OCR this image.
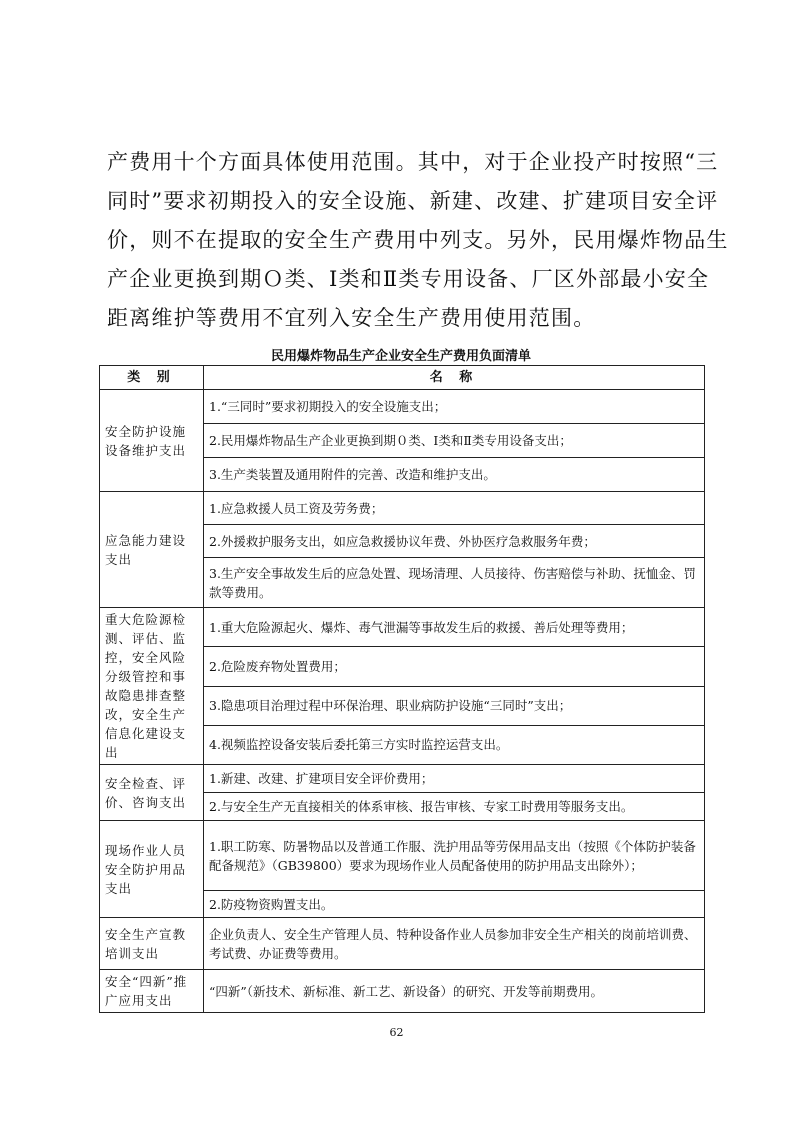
产费用十个方面具体使用范围。其中，对于企业投产时按照“三
同时”要求初期投入的安全设施、新建、改建、扩建项目安全评
价，则不在提取的安全生产费用中列支。另外，民用爆炸物品生
产企业更换到期Ｏ类、Ⅰ类和Ⅱ类专用设备、厂区外部最小安全
距离维护等费用不宜列入安全生产费用使用范围。
民用爆炸物品生产企业安全生产费用负面清单
类 别	名 称
安全防护设施设备维护支出	1.“三同时”要求初期投入的安全设施支出；
	2.民用爆炸物品生产企业更换到期０类、Ⅰ类和Ⅱ类专用设备支出；
	3.生产类装置及通用附件的完善、改造和维护支出。
应急能力建设支出	1.应急救援人员工资及劳务费；
	2.外援救护服务支出，如应急救援协议年费、外协医疗急救服务年费；
	3.生产安全事故发生后的应急处置、现场清理、人员接待、伤害赔偿与补助、抚恤金、罚款等费用。
重大危险源检测、评估、监控，安全风险分级管控和事故隐患排查整改，安全生产信息化建设支出	1.重大危险源起火、爆炸、毒气泄漏等事故发生后的救援、善后处理等费用；
	2.危险废弃物处置费用；
	3.隐患项目治理过程中环保治理、职业病防护设施“三同时”支出；
	4.视频监控设备安装后委托第三方实时监控运营支出。
安全检查、评价、咨询支出	1.新建、改建、扩建项目安全评价费用；
	2.与安全生产无直接相关的体系审核、报告审核、专家工时费用等服务支出。
现场作业人员安全防护用品支出	1.职工防寒、防暑物品以及普通工作服、洗护用品等劳保用品支出（按照《个体防护装备配备规范》（GB39800）要求为现场作业人员配备使用的防护用品支出除外）；
	2.防疫物资购置支出。
安全生产宣教培训支出	企业负责人、安全生产管理人员、特种设备作业人员参加非安全生产相关的岗前培训费、考试费、办证费等费用。
安全“四新”推广应用支出	“四新”（新技术、新标准、新工艺、新设备）的研究、开发等前期费用。
62
